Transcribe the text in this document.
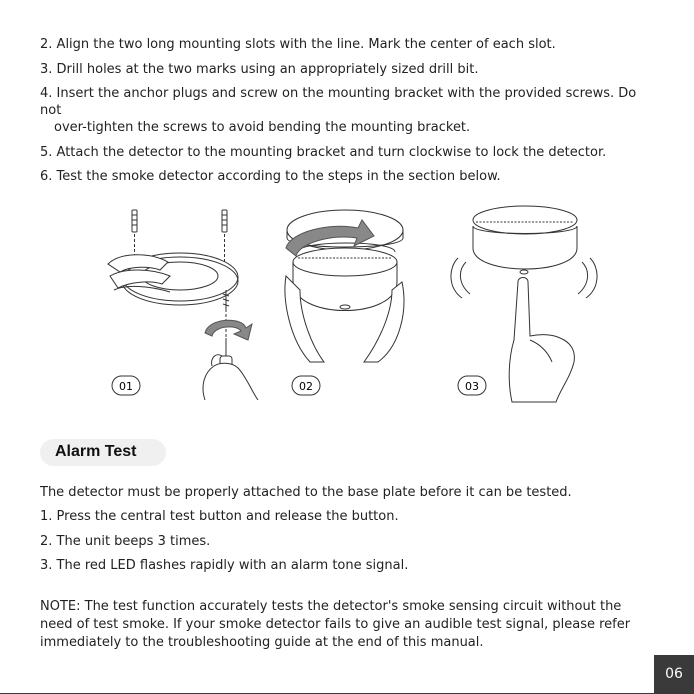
2. Align the two long mounting slots with the line. Mark the center of each slot.
3. Drill holes at the two marks using an appropriately sized drill bit.
4. Insert the anchor plugs and screw on the mounting bracket with the provided screws. Do not
over-tighten the screws to avoid bending the mounting bracket.
5. Attach the detector to the mounting bracket and turn clockwise to lock the detector.
6. Test the smoke detector according to the steps in the section below.
01	02	03
Alarm Test

The detector must be properly attached to the base plate before it can be tested.

1. Press the central test button and release the button.
2. The unit beeps 3 times.
3. The red LED flashes rapidly with an alarm tone signal.

NOTE: The test function accurately tests the detector's smoke sensing circuit without the need of test smoke. If your smoke detector fails to give an audible test signal, please refer immediately to the troubleshooting guide at the end of this manual.

06
